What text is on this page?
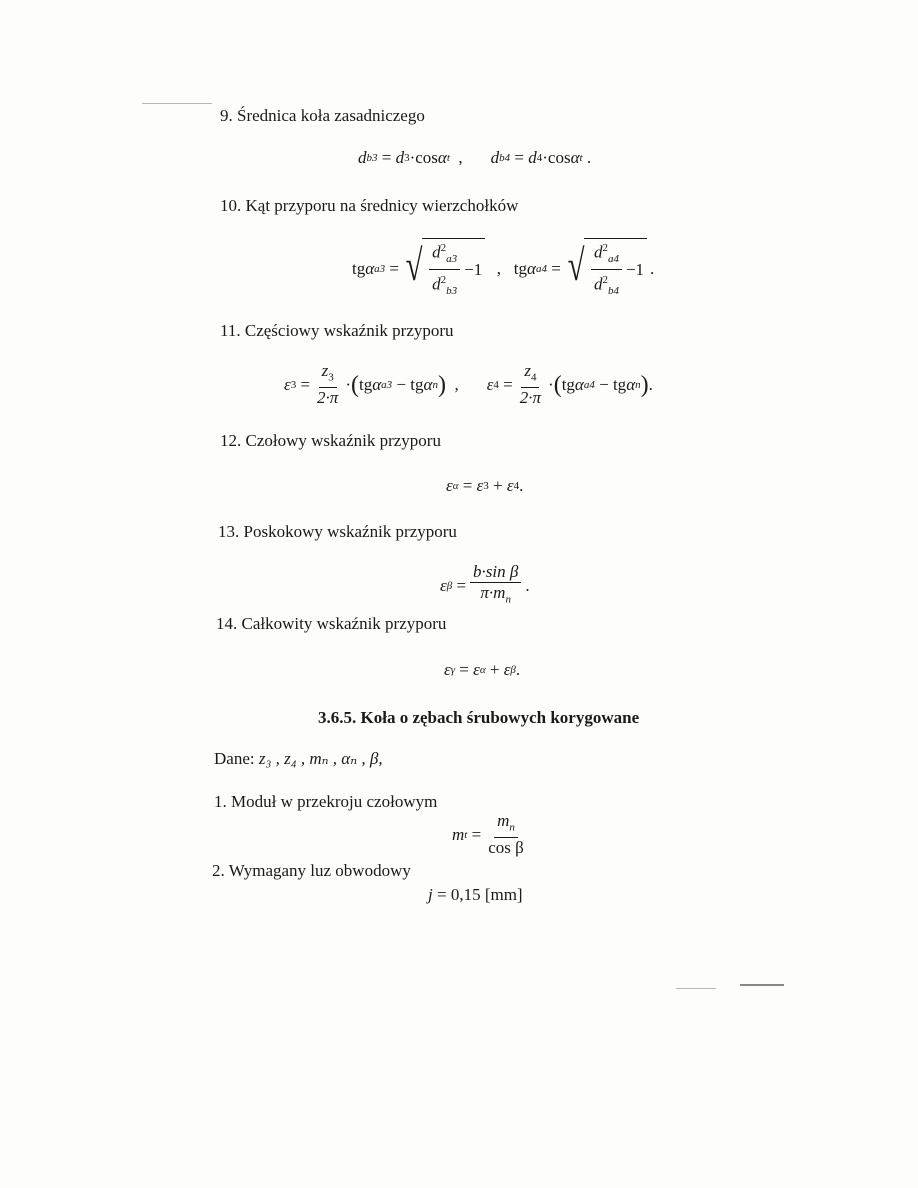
9. Średnica koła zasadniczego
d b3 = d 3 ·cos α t , d b4 = d 4 ·cos α t .
10. Kąt przyporu na średnicy wierzchołków
tg α a3 = √ $\frac{d^2_{a3}}{d^2_{b3}} -1$ , tg α a4 = √ $\frac{d^2_{a4}}{d^2_{b4}} -1$ .
11. Częściowy wskaźnik przyporu
ε $3 = \frac{z_3}{2\cdot\pi}$ · ( tg α a3 − tg α n ) , ε $4 = \frac{z_4}{2\cdot\pi}$ · ( tg α a4 − tg α n ) .
12. Czołowy wskaźnik przyporu
ε α = ε 3 + ε 4 .
13. Poskokowy wskaźnik przyporu
ε $\beta = \frac{\text{b·sin β}}{\pi\cdot m_n}$ .
14. Całkowity wskaźnik przyporu
ε γ = ε α + ε β .
3.6.5. Koła o zębach śrubowych korygowane
Dane: z₃ , z₄ , mₙ , αₙ , β,
1. Moduł w przekroju czołowym
m $t = \frac{m_n}{\text{cos β}}$
2. Wymagany luz obwodowy
j
= 0,15 [mm]
